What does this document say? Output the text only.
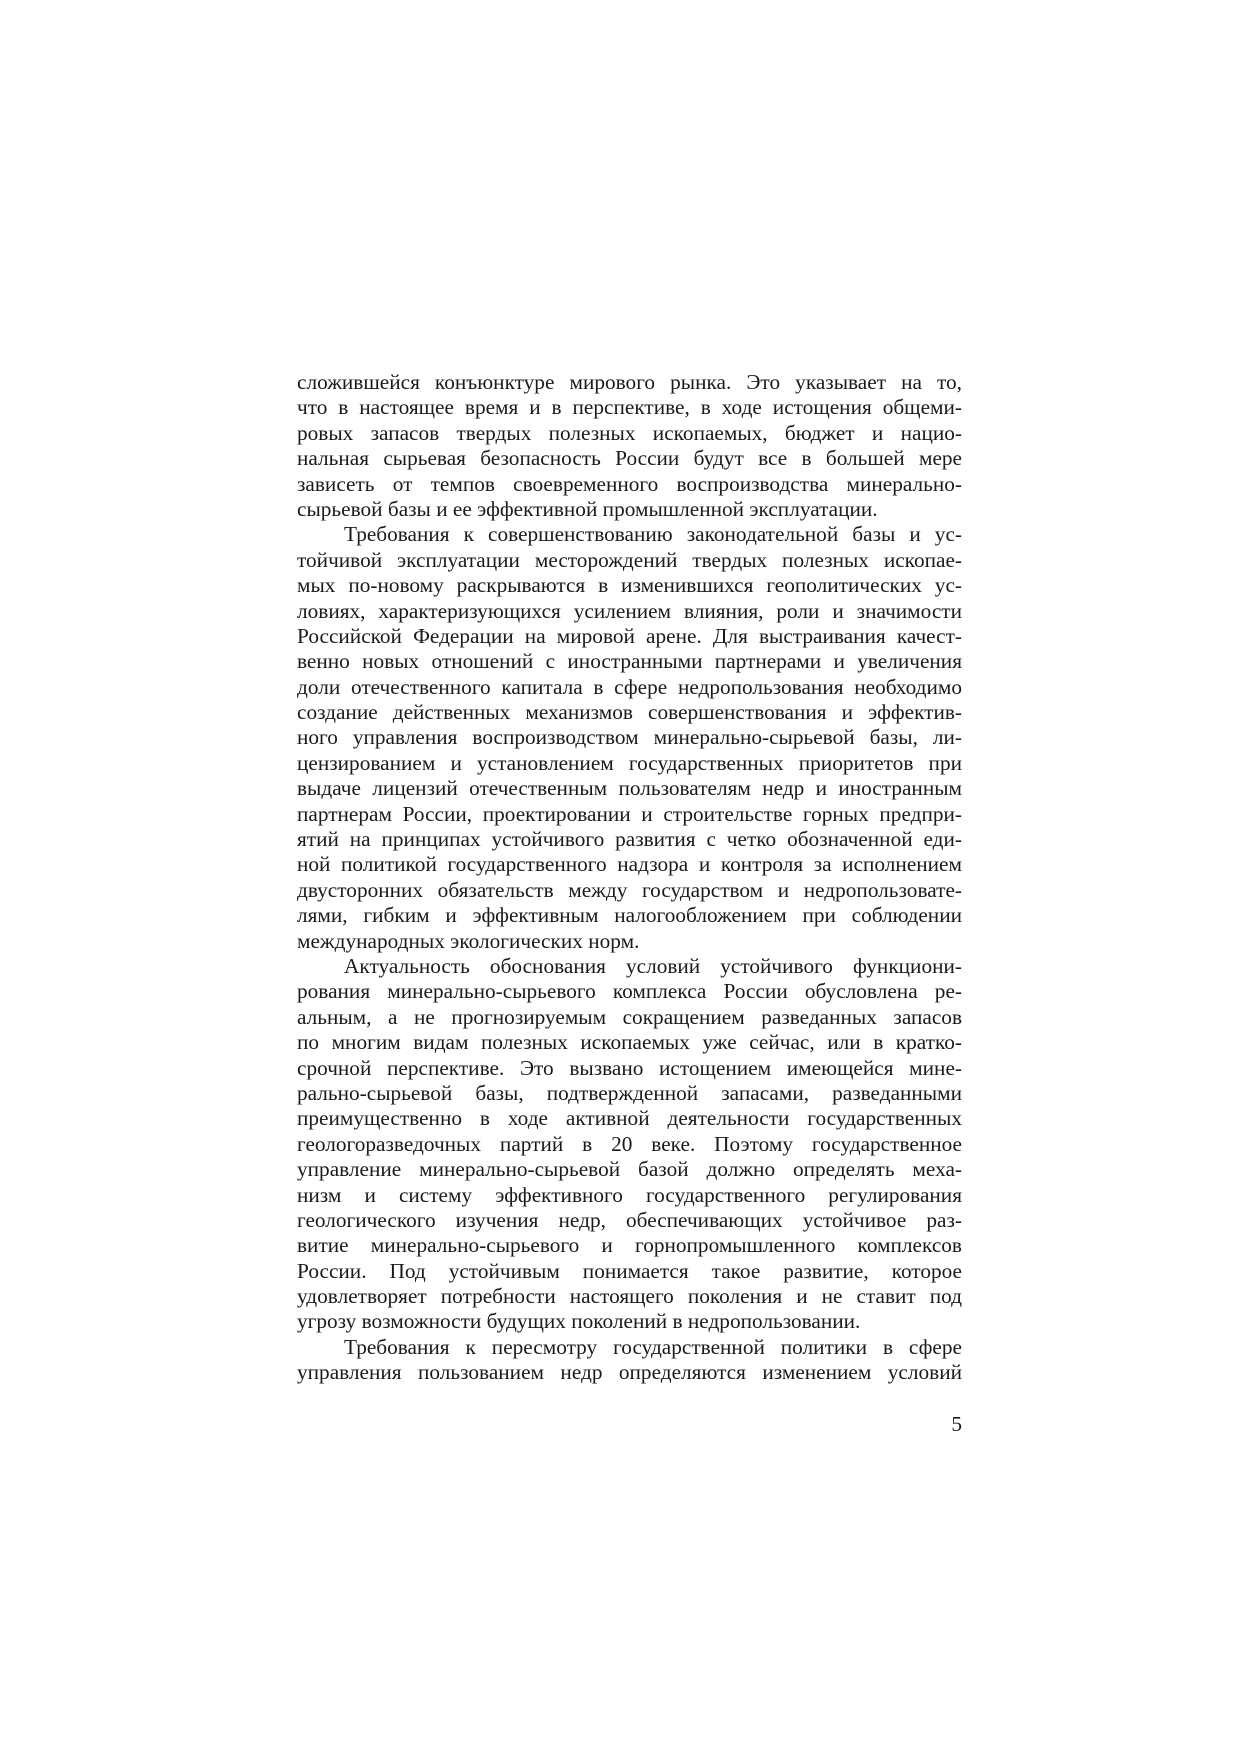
сложившейся конъюнктуре мирового рынка. Это указывает на то,
что в настоящее время и в перспективе, в ходе истощения общеми-
ровых запасов твердых полезных ископаемых, бюджет и нацио-
нальная сырьевая безопасность России будут все в большей мере
зависеть от темпов своевременного воспроизводства минерально-
сырьевой базы и ее эффективной промышленной эксплуатации.
Требования к совершенствованию законодательной базы и ус-
тойчивой эксплуатации месторождений твердых полезных ископае-
мых по-новому раскрываются в изменившихся геополитических ус-
ловиях, характеризующихся усилением влияния, роли и значимости
Российской Федерации на мировой арене. Для выстраивания качест-
венно новых отношений с иностранными партнерами и увеличения
доли отечественного капитала в сфере недропользования необходимо
создание действенных механизмов совершенствования и эффектив-
ного управления воспроизводством минерально-сырьевой базы, ли-
цензированием и установлением государственных приоритетов при
выдаче лицензий отечественным пользователям недр и иностранным
партнерам России, проектировании и строительстве горных предпри-
ятий на принципах устойчивого развития с четко обозначенной еди-
ной политикой государственного надзора и контроля за исполнением
двусторонних обязательств между государством и недропользовате-
лями, гибким и эффективным налогообложением при соблюдении
международных экологических норм.
Актуальность обоснования условий устойчивого функциони-
рования минерально-сырьевого комплекса России обусловлена ре-
альным, а не прогнозируемым сокращением разведанных запасов
по многим видам полезных ископаемых уже сейчас, или в кратко-
срочной перспективе. Это вызвано истощением имеющейся мине-
рально-сырьевой базы, подтвержденной запасами, разведанными
преимущественно в ходе активной деятельности государственных
геологоразведочных партий в 20 веке. Поэтому государственное
управление минерально-сырьевой базой должно определять меха-
низм и систему эффективного государственного регулирования
геологического изучения недр, обеспечивающих устойчивое раз-
витие минерально-сырьевого и горнопромышленного комплексов
России. Под устойчивым понимается такое развитие, которое
удовлетворяет потребности настоящего поколения и не ставит под
угрозу возможности будущих поколений в недропользовании.
Требования к пересмотру государственной политики в сфере
управления пользованием недр определяются изменением условий
5
